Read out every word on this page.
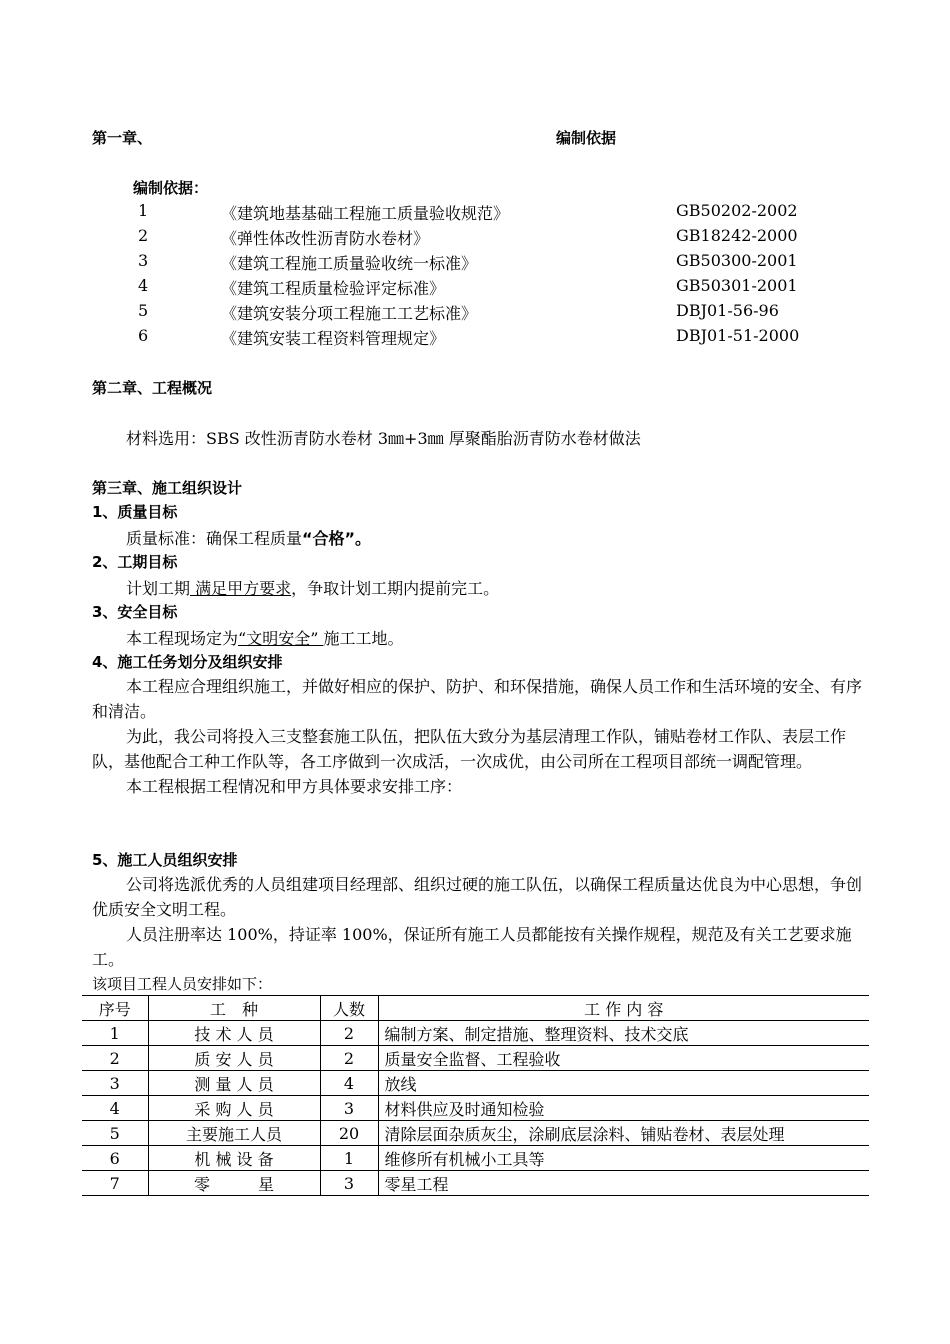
第一章、	编制依据
编制依据：
1	《建筑地基基础工程施工质量验收规范》	GB50202-2002
2	《弹性体改性沥青防水卷材》	GB18242-2000
3	《建筑工程施工质量验收统一标准》	GB50300-2001
4	《建筑工程质量检验评定标准》	GB50301-2001
5	《建筑安装分项工程施工工艺标准》	DBJ01-56-96
6	《建筑安装工程资料管理规定》	DBJ01-51-2000
第二章、工程概况
材料选用：SBS 改性沥青防水卷材 3㎜+3㎜ 厚聚酯胎沥青防水卷材做法
第三章、施工组织设计
1、质量目标
质量标准：确保工程质量“合格”。
2、工期目标
计划工期 满足甲方要求，争取计划工期内提前完工。
3、安全目标
本工程现场定为“文明安全” 施工工地。
4、施工任务划分及组织安排

本工程应合理组织施工，并做好相应的保护、防护、和环保措施，确保人员工作和生活环境的安全、有序和清洁。

为此，我公司将投入三支整套施工队伍，把队伍大致分为基层清理工作队，铺贴卷材工作队、表层工作队，基他配合工种工作队等，各工序做到一次成活，一次成优，由公司所在工程项目部统一调配管理。

本工程根据工程情况和甲方具体要求安排工序：

5、施工人员组织安排

公司将选派优秀的人员组建项目经理部、组织过硬的施工队伍，以确保工程质量达优良为中心思想，争创优质安全文明工程。

人员注册率达 100%，持证率 100%，保证所有施工人员都能按有关操作规程，规范及有关工艺要求施工。

该项目工程人员安排如下：
序号	工　种	人数	工 作 内 容
1	技 术 人 员	2	编制方案、制定措施、整理资料、技术交底
2	质 安 人 员	2	质量安全监督、工程验收
3	测 量 人 员	4	放线
4	采 购 人 员	3	材料供应及时通知检验
5	主要施工人员	20	清除层面杂质灰尘，涂刷底层涂料、铺贴卷材、表层处理
6	机 械 设 备	1	维修所有机械小工具等
7	零　　　星	3	零星工程
